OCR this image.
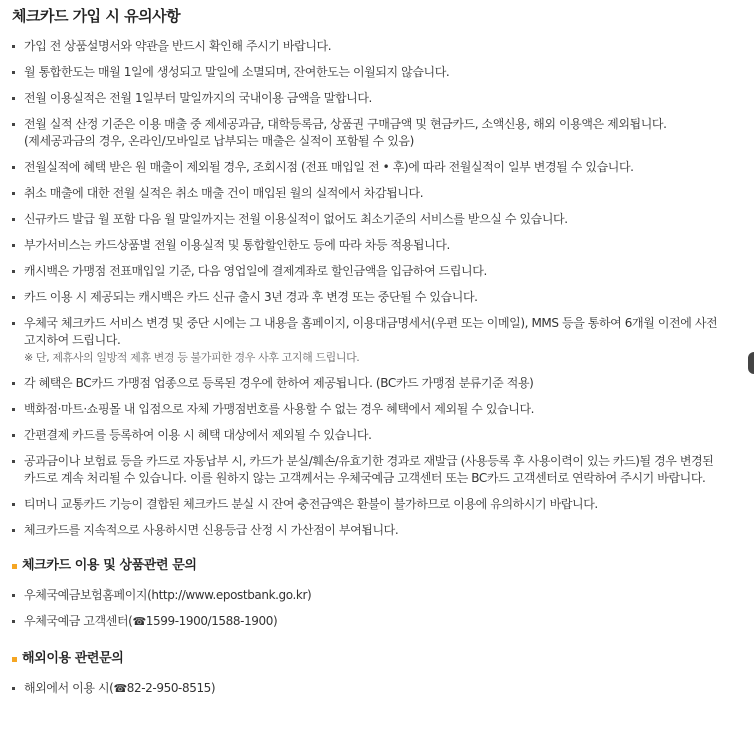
체크카드 가입 시 유의사항
가입 전 상품설명서와 약관을 반드시 확인해 주시기 바랍니다.
월 통합한도는 매월 1일에 생성되고 말일에 소멸되며, 잔여한도는 이월되지 않습니다.
전월 이용실적은 전월 1일부터 말일까지의 국내이용 금액을 말합니다.
전월 실적 산정 기준은 이용 매출 중 제세공과금, 대학등록금, 상품권 구매금액 및 현금카드, 소액신용, 해외 이용액은 제외됩니다. (제세공과금의 경우, 온라인/모바일로 납부되는 매출은 실적이 포함될 수 있음)
전월실적에 혜택 받은 원 매출이 제외될 경우, 조회시점 (전표 매입일 전 • 후)에 따라 전월실적이 일부 변경될 수 있습니다.
취소 매출에 대한 전월 실적은 취소 매출 건이 매입된 월의 실적에서 차감됩니다.
신규카드 발급 월 포함 다음 월 말일까지는 전월 이용실적이 없어도 최소기준의 서비스를 받으실 수 있습니다.
부가서비스는 카드상품별 전월 이용실적 및 통합할인한도 등에 따라 차등 적용됩니다.
캐시백은 가맹점 전표매입일 기준, 다음 영업일에 결제계좌로 할인금액을 입금하여 드립니다.
카드 이용 시 제공되는 캐시백은 카드 신규 출시 3년 경과 후 변경 또는 중단될 수 있습니다.
우체국 체크카드 서비스 변경 및 중단 시에는 그 내용을 홈페이지, 이용대금명세서(우편 또는 이메일), MMS 등을 통하여 6개월 이전에 사전 고지하여 드립니다.
※ 단, 제휴사의 일방적 제휴 변경 등 불가피한 경우 사후 고지해 드립니다.
각 혜택은 BC카드 가맹점 업종으로 등록된 경우에 한하여 제공됩니다. (BC카드 가맹점 분류기준 적용)
백화점·마트·쇼핑몰 내 입점으로 자체 가맹점번호를 사용할 수 없는 경우 혜택에서 제외될 수 있습니다.
간편결제 카드를 등록하여 이용 시 혜택 대상에서 제외될 수 있습니다.
공과금이나 보험료 등을 카드로 자동납부 시, 카드가 분실/훼손/유효기한 경과로 재발급 (사용등록 후 사용이력이 있는 카드)될 경우 변경된 카드로 계속 처리될 수 있습니다. 이를 원하지 않는 고객께서는 우체국예금 고객센터 또는 BC카드 고객센터로 연락하여 주시기 바랍니다.
티머니 교통카드 기능이 결합된 체크카드 분실 시 잔여 충전금액은 환불이 불가하므로 이용에 유의하시기 바랍니다.
체크카드를 지속적으로 사용하시면 신용등급 산정 시 가산점이 부여됩니다.
체크카드 이용 및 상품관련 문의
우체국예금보험홈페이지(http://www.epostbank.go.kr)
우체국예금 고객센터(☎1599-1900/1588-1900)
해외이용 관련문의
해외에서 이용 시(☎82-2-950-8515)
